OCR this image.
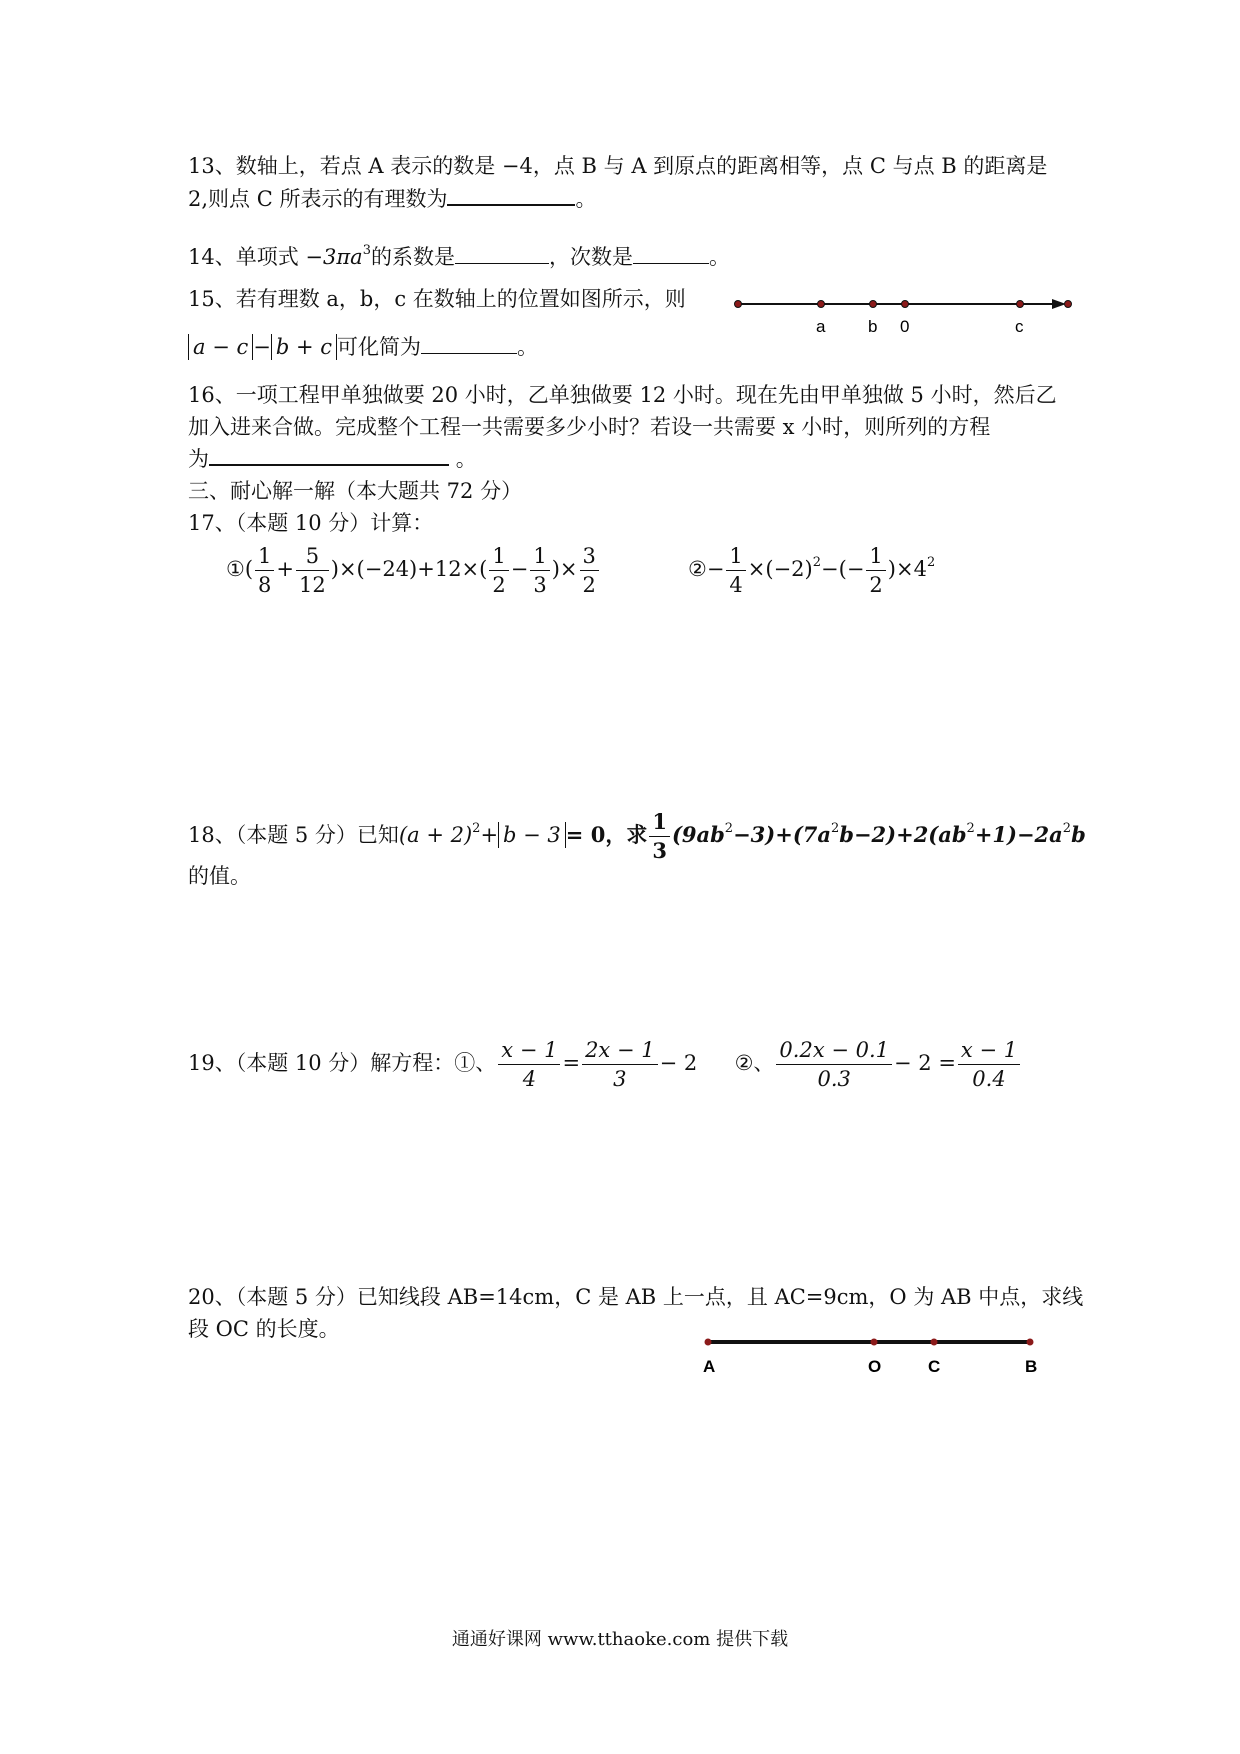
13、数轴上，若点 A 表示的数是 −4，点 B 与 A 到原点的距离相等，点 C 与点 B 的距离是
2,则点 C 所表示的有理数为	。
14、单项式 $-3\pi a^3$的系数是	，次数是	。
15、若有理数 a，b，c 在数轴上的位置如图所示，则
a − c − b + c 可化简为	。
a	b 0	c
16、一项工程甲单独做要 20 小时，乙单独做要 12 小时。现在先由甲单独做 5 小时，然后乙
加入进来合做。完成整个工程一共需要多少小时？若设一共需要 x 小时，则所列的方程
为	。
三、耐心解一解（本大题共 72 分）
17、（本题 10 分）计算：
①( $\frac{1}{8} + \frac{5}{12} )\times(-24)+12\times( \frac{1}{2} - \frac{1}{3}$ )× $\frac{3}{2}$	②− $\frac{1}{4} \times(-2)^2-(- \frac{1}{2} )\times 4^2$
18、（本题 5 分）已知$(a + 2)^2+ b - 3 = 0$，求 $\frac{1}{3} (9ab^2-3)+(7a^2b-2)+2(ab^2+1)-2a^2b$
的值。
19、（本题 10 分）解方程：①、 $\frac{x - 1}{4} = \frac{2x - 1}{3} - 2$ ②、 $\frac{0.2x - 0.1}{0.3} - 2 = \frac{x - 1}{0.4}$
20、（本题 5 分）已知线段 AB=14cm，C 是 AB 上一点，且 AC=9cm，O 为 AB 中点，求线
段 OC 的长度。
A	O	C	B
通通好课网 www.tthaoke.com 提供下载
